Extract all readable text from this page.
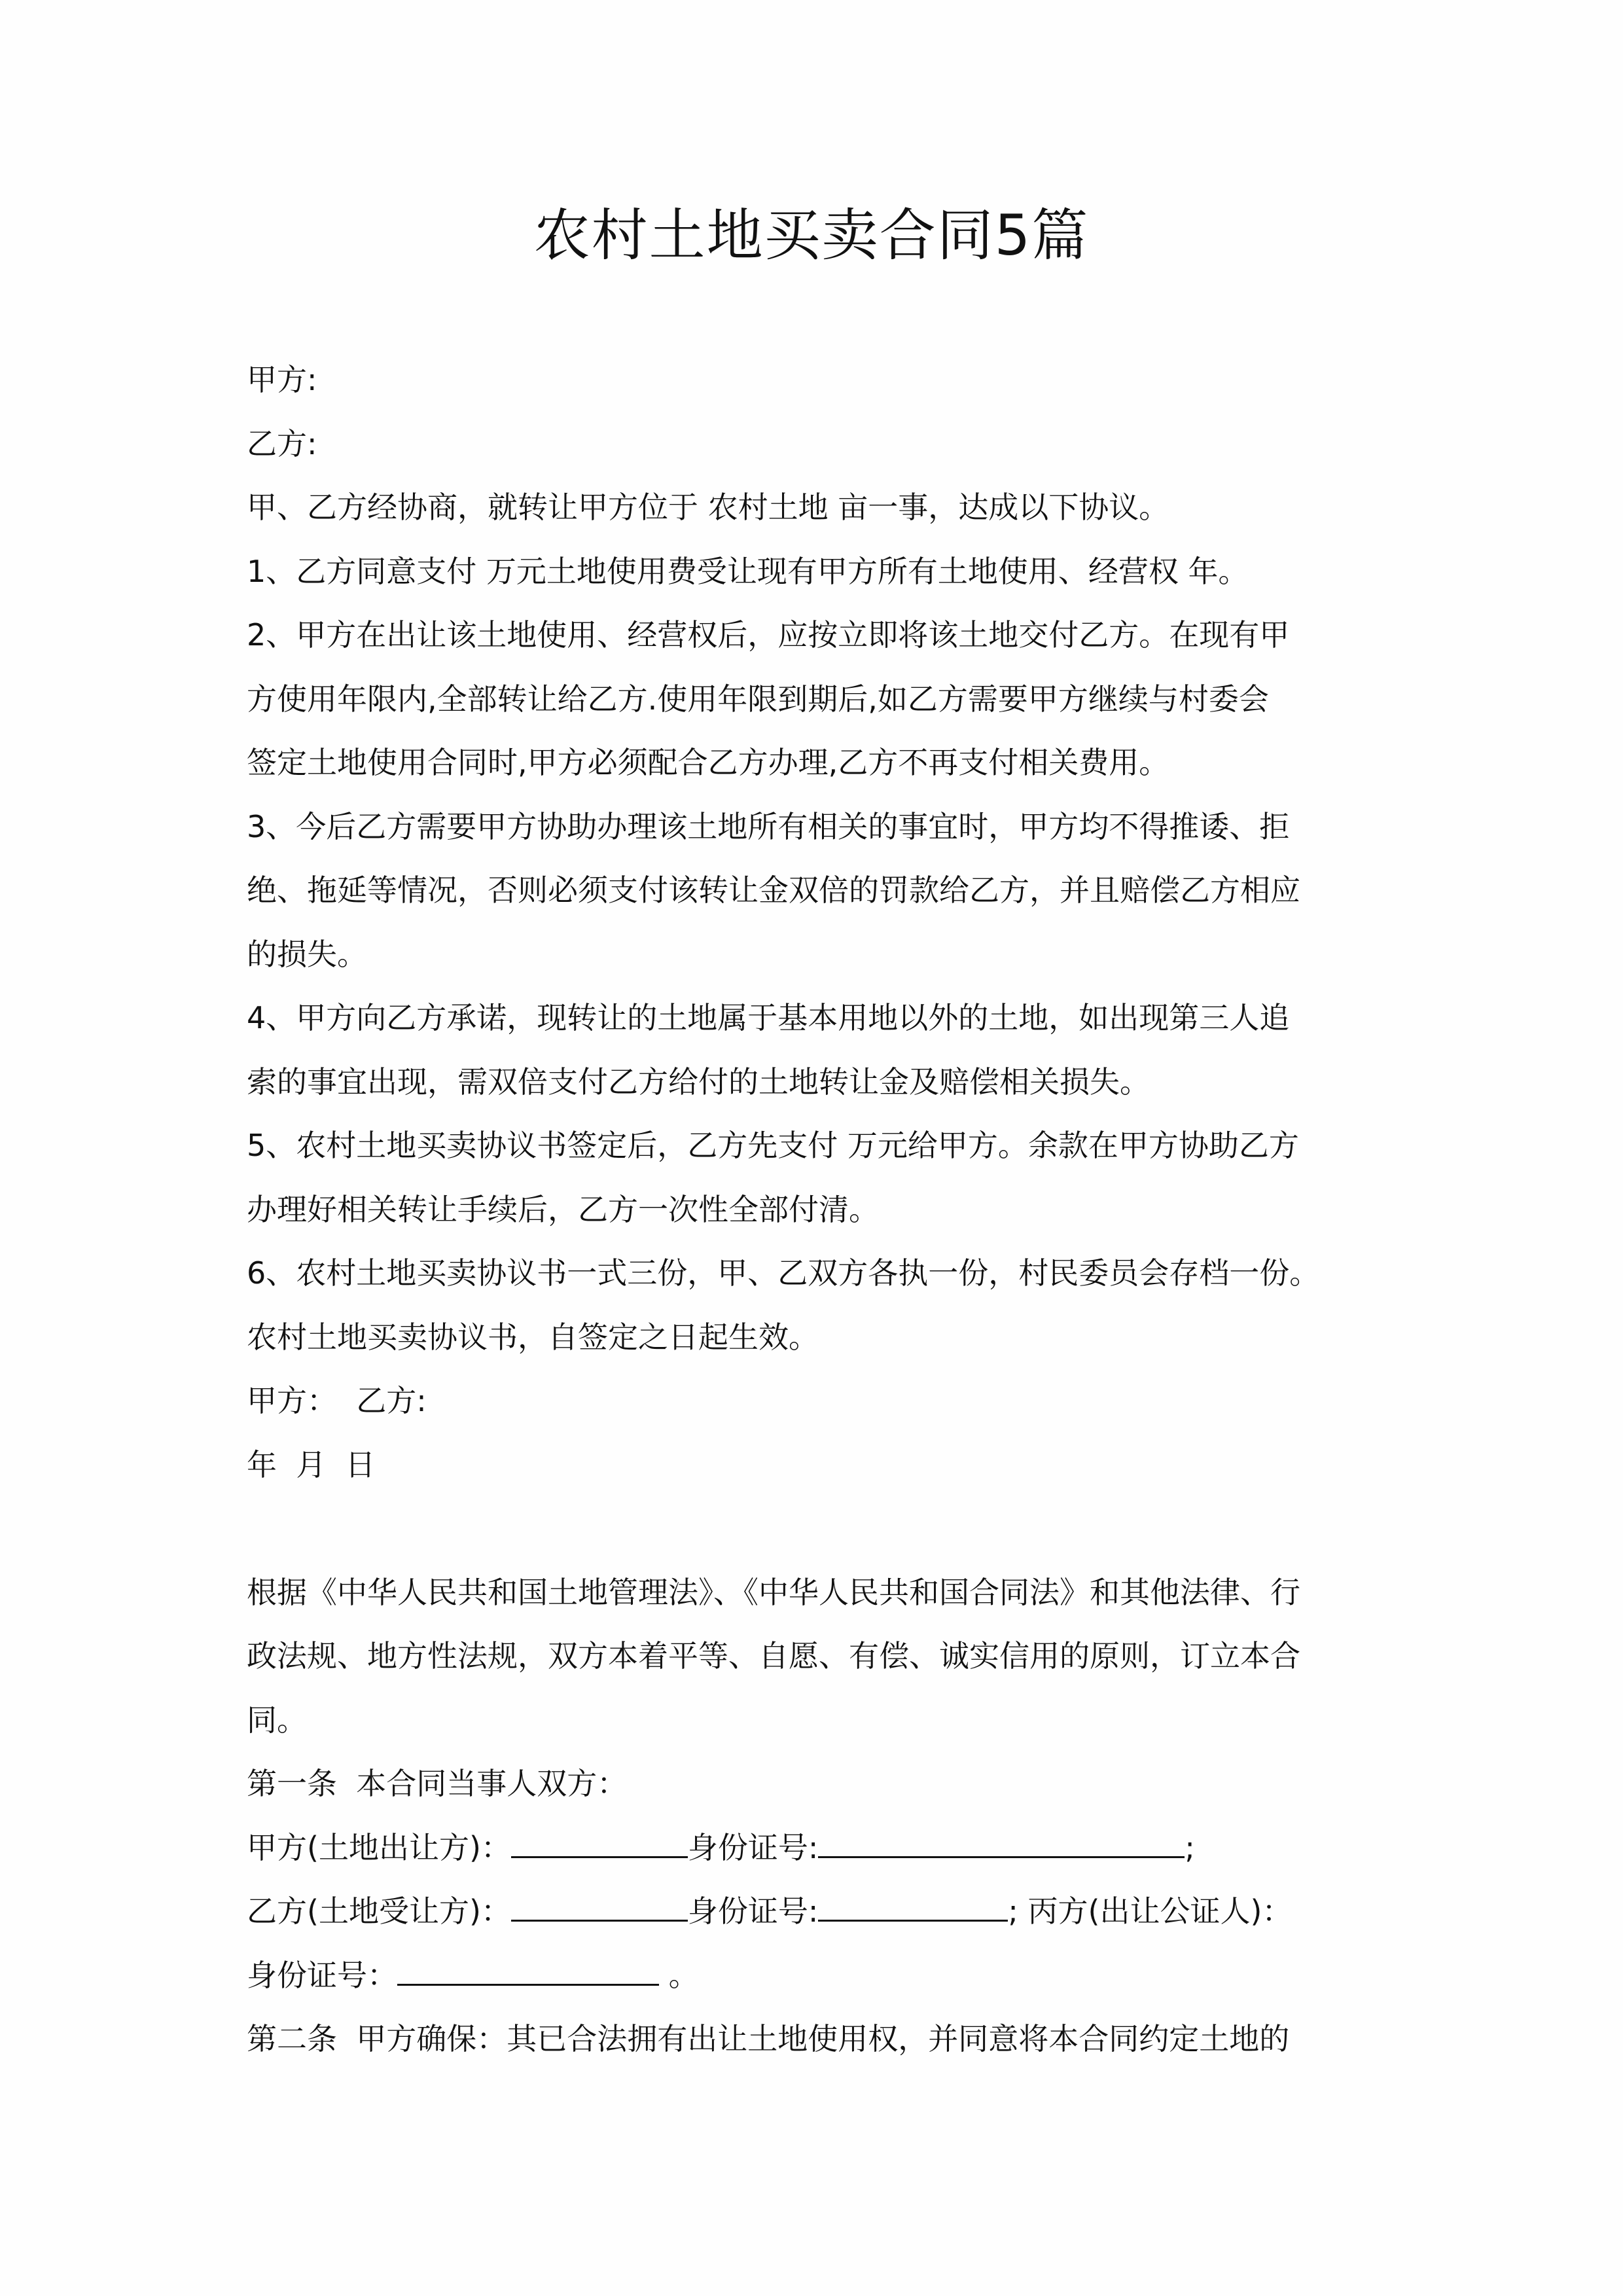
农村土地买卖合同5篇
甲方:
乙方:
甲、乙方经协商，就转让甲方位于 农村土地 亩一事，达成以下协议。
1、乙方同意支付 万元土地使用费受让现有甲方所有土地使用、经营权 年。
2、甲方在出让该土地使用、经营权后，应按立即将该土地交付乙方。在现有甲
方使用年限内,全部转让给乙方.使用年限到期后,如乙方需要甲方继续与村委会
签定土地使用合同时,甲方必须配合乙方办理,乙方不再支付相关费用。
3、今后乙方需要甲方协助办理该土地所有相关的事宜时，甲方均不得推诿、拒
绝、拖延等情况，否则必须支付该转让金双倍的罚款给乙方，并且赔偿乙方相应
的损失。
4、甲方向乙方承诺，现转让的土地属于基本用地以外的土地，如出现第三人追
索的事宜出现，需双倍支付乙方给付的土地转让金及赔偿相关损失。
5、农村土地买卖协议书签定后，乙方先支付 万元给甲方。余款在甲方协助乙方
办理好相关转让手续后，乙方一次性全部付清。
6、农村土地买卖协议书一式三份，甲、乙双方各执一份，村民委员会存档一份。
农村土地买卖协议书，自签定之日起生效。
甲方：  乙方:
年  月  日
根据《中华人民共和国土地管理法》、《中华人民共和国合同法》和其他法律、行
政法规、地方性法规，双方本着平等、自愿、有偿、诚实信用的原则，订立本合
同。
第一条  本合同当事人双方：
甲方(土地出让方)：	身份证号:	;
乙方(土地受让方)：	身份证号:	; 丙方(出让公证人)：
身份证号：	。
第二条  甲方确保：其已合法拥有出让土地使用权，并同意将本合同约定土地的
